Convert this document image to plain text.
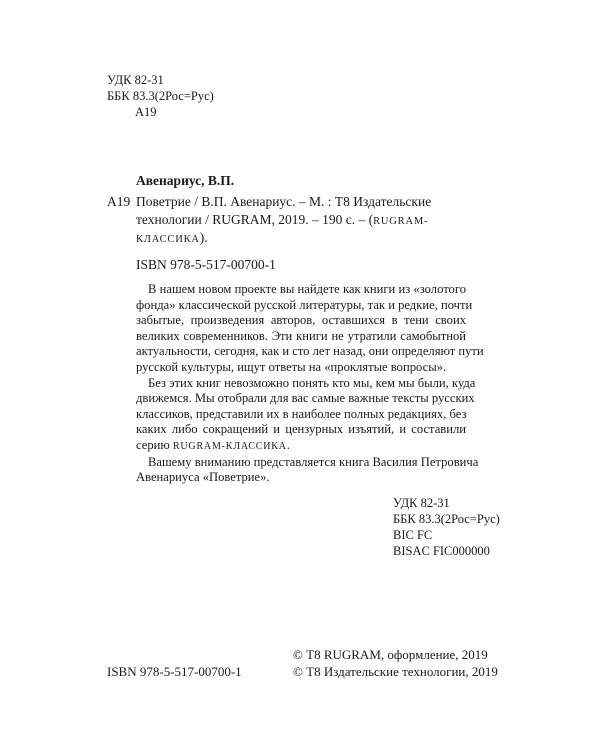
УДК 82-31
ББК 83.3(2Рос=Рус)
А19
Авенариус, В.П.
А19 Поветрие / В.П. Авенариус. – М. : Т8 Издательские
технологии / RUGRAM, 2019. – 190 с. – (RUGRAM-
КЛАССИКА).
ISBN 978-5-517-00700-1
В нашем новом проекте вы найдете как книги из «золотого
фонда» классической русской литературы, так и редкие, почти
забытые, произведения авторов, оставшихся в тени своих
великих современников. Эти книги не утратили самобытной
актуальности, сегодня, как и сто лет назад, они определяют пути
русской культуры, ищут ответы на «проклятые вопросы».
Без этих книг невозможно понять кто мы, кем мы были, куда
движемся. Мы отобрали для вас самые важные тексты русских
классиков, представили их в наиболее полных редакциях, без
каких либо сокращений и цензурных изъятий, и составили
серию RUGRAM-КЛАССИКА.
Вашему вниманию представляется книга Василия Петровича
Авенариуса «Поветрие».
УДК 82-31
ББК 83.3(2Рос=Рус)
BIC FC
BISAC FIC000000
© Т8 RUGRAM, оформление, 2019
© Т8 Издательские технологии, 2019
ISBN 978-5-517-00700-1
